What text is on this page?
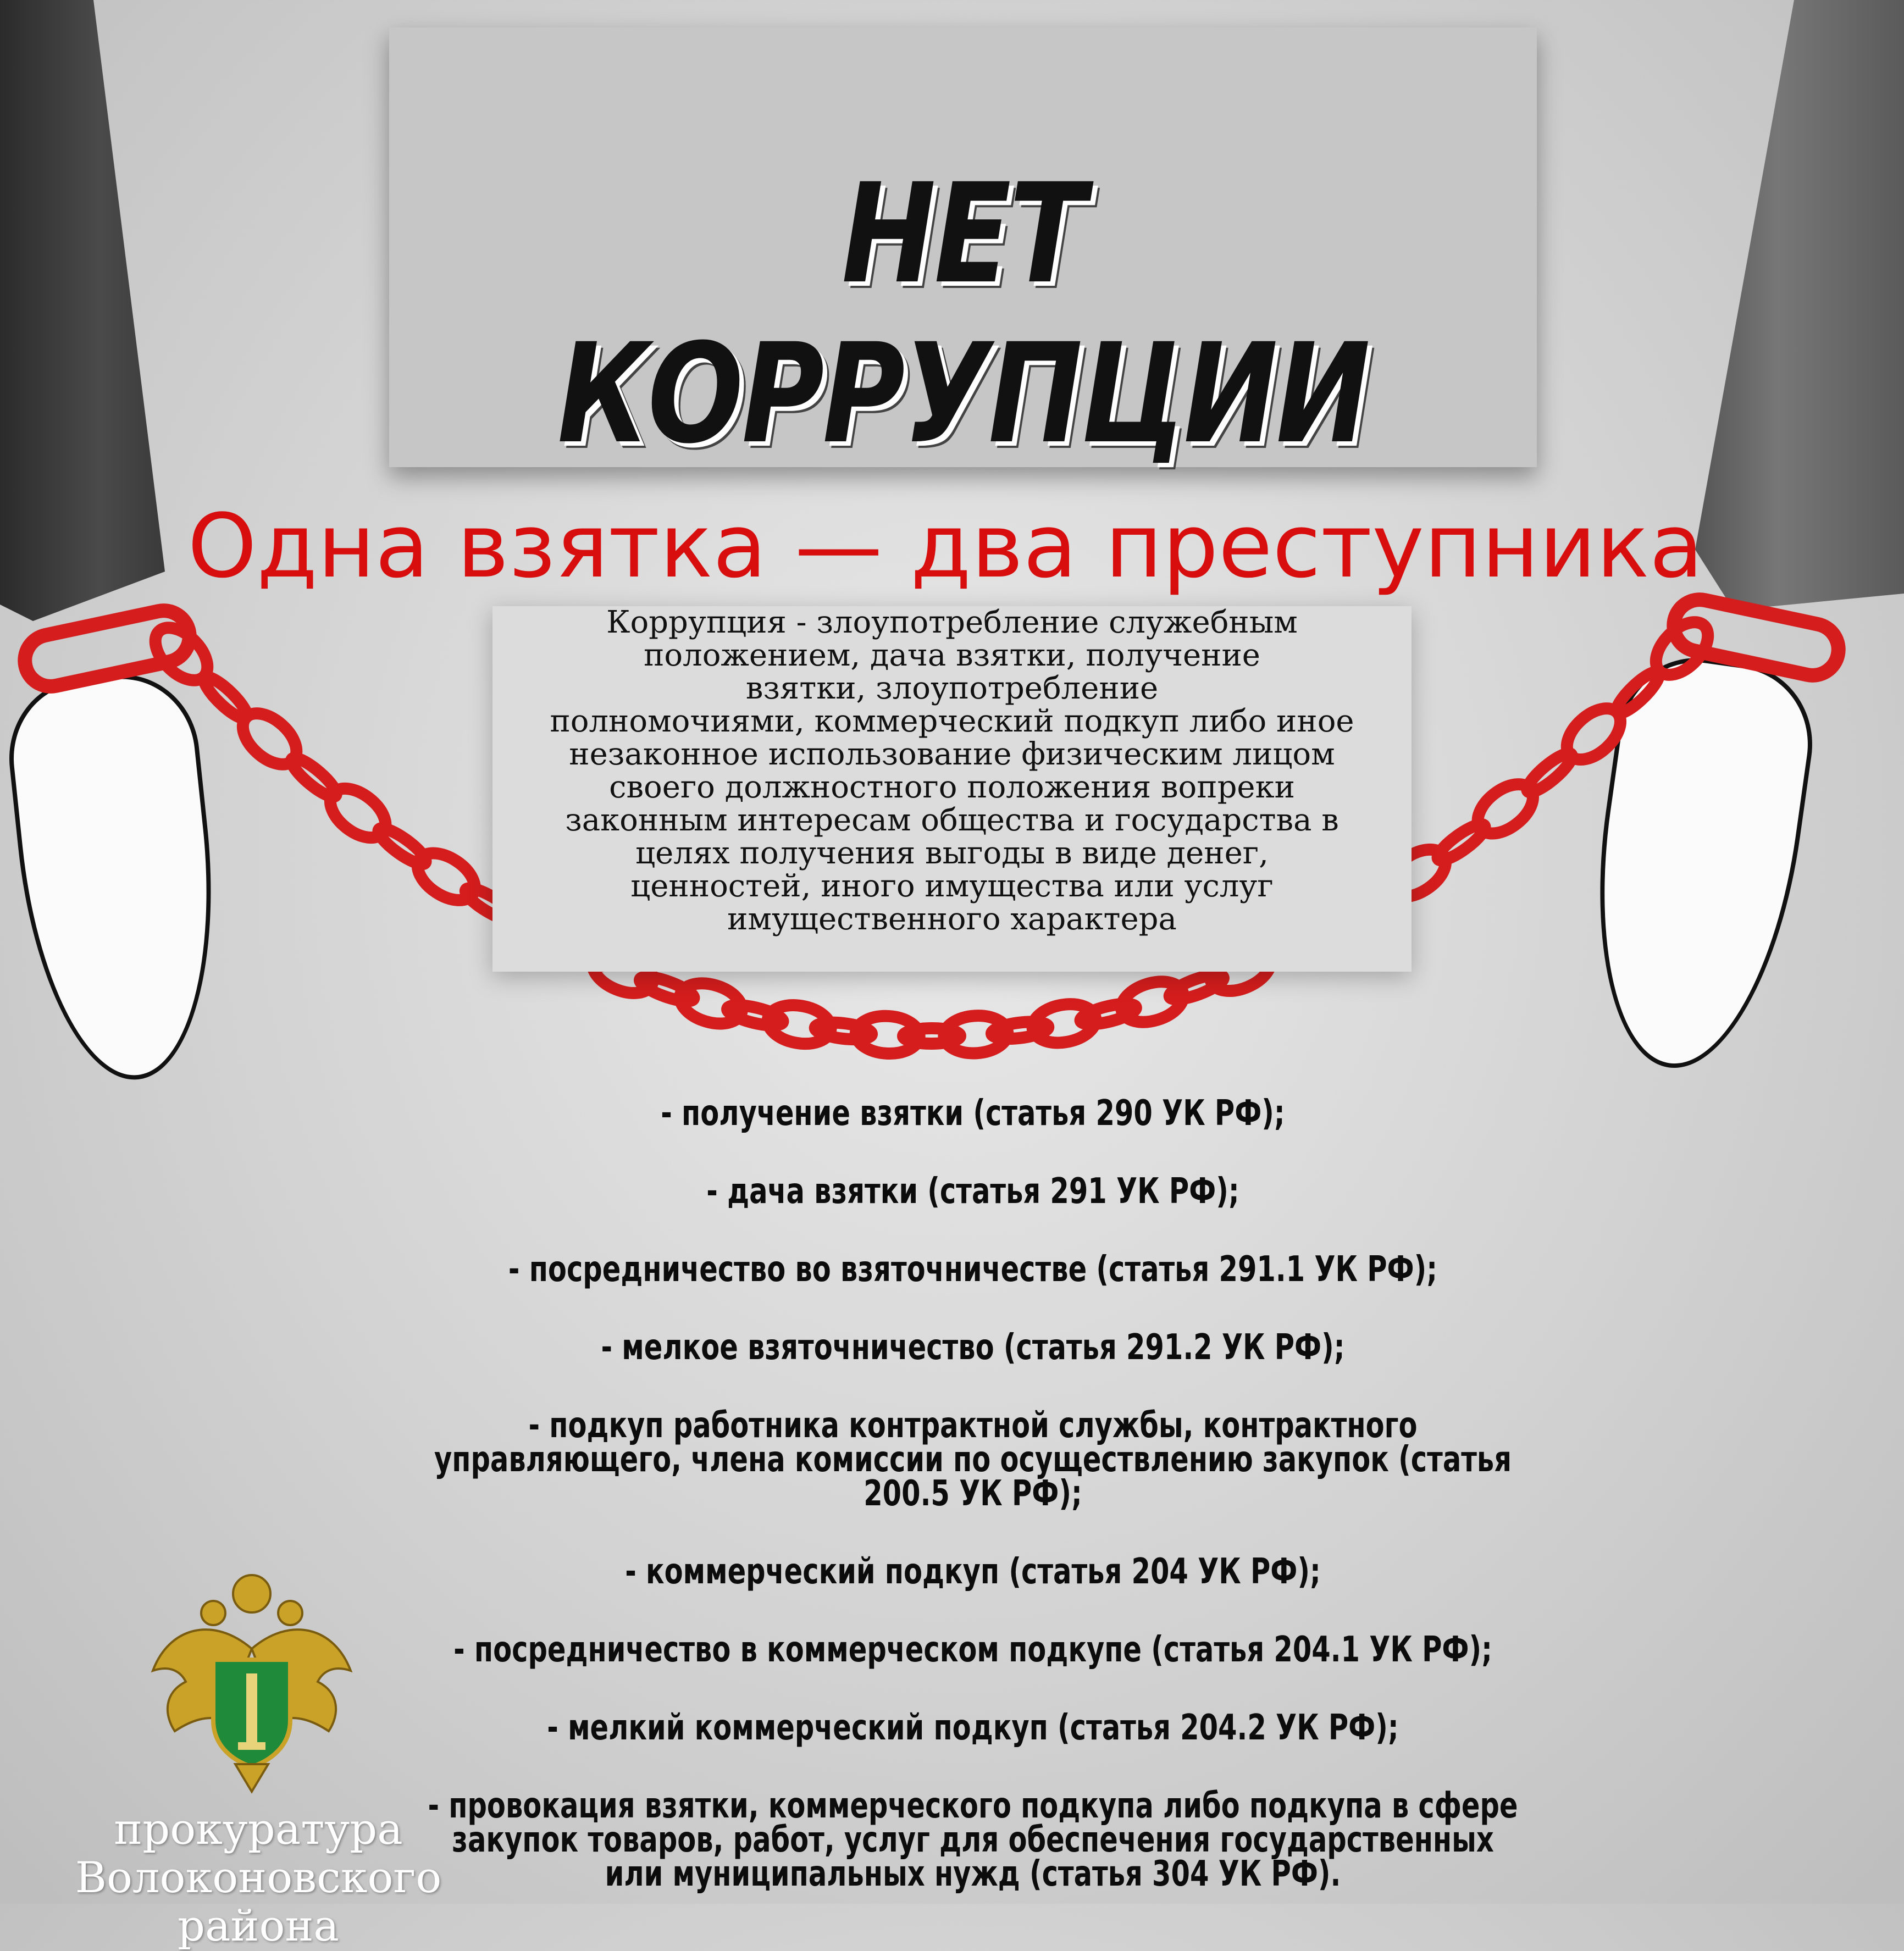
НЕТ КОРРУПЦИИ
Одна взятка — два преступника
Коррупция - злоупотребление служебным
положением, дача взятки, получение
взятки, злоупотребление
полномочиями, коммерческий подкуп либо иное
незаконное использование физическим лицом
своего должностного положения вопреки
законным интересам общества и государства в
целях получения выгоды в виде денег,
ценностей, иного имущества или услуг
имущественного характера
- получение взятки (статья 290 УК РФ);
- дача взятки (статья 291 УК РФ);
- посредничество во взяточничестве (статья 291.1 УК РФ);
- мелкое взяточничество (статья 291.2 УК РФ);
- подкуп работника контрактной службы, контрактного
управляющего, члена комиссии по осуществлению закупок (статья
200.5 УК РФ);
- коммерческий подкуп (статья 204 УК РФ);
- посредничество в коммерческом подкупе (статья 204.1 УК РФ);
- мелкий коммерческий подкуп (статья 204.2 УК РФ);
- провокация взятки, коммерческого подкупа либо подкупа в сфере
закупок товаров, работ, услуг для обеспечения государственных
или муниципальных нужд (статья 304 УК РФ).
прокуратура
Волоконовского района
